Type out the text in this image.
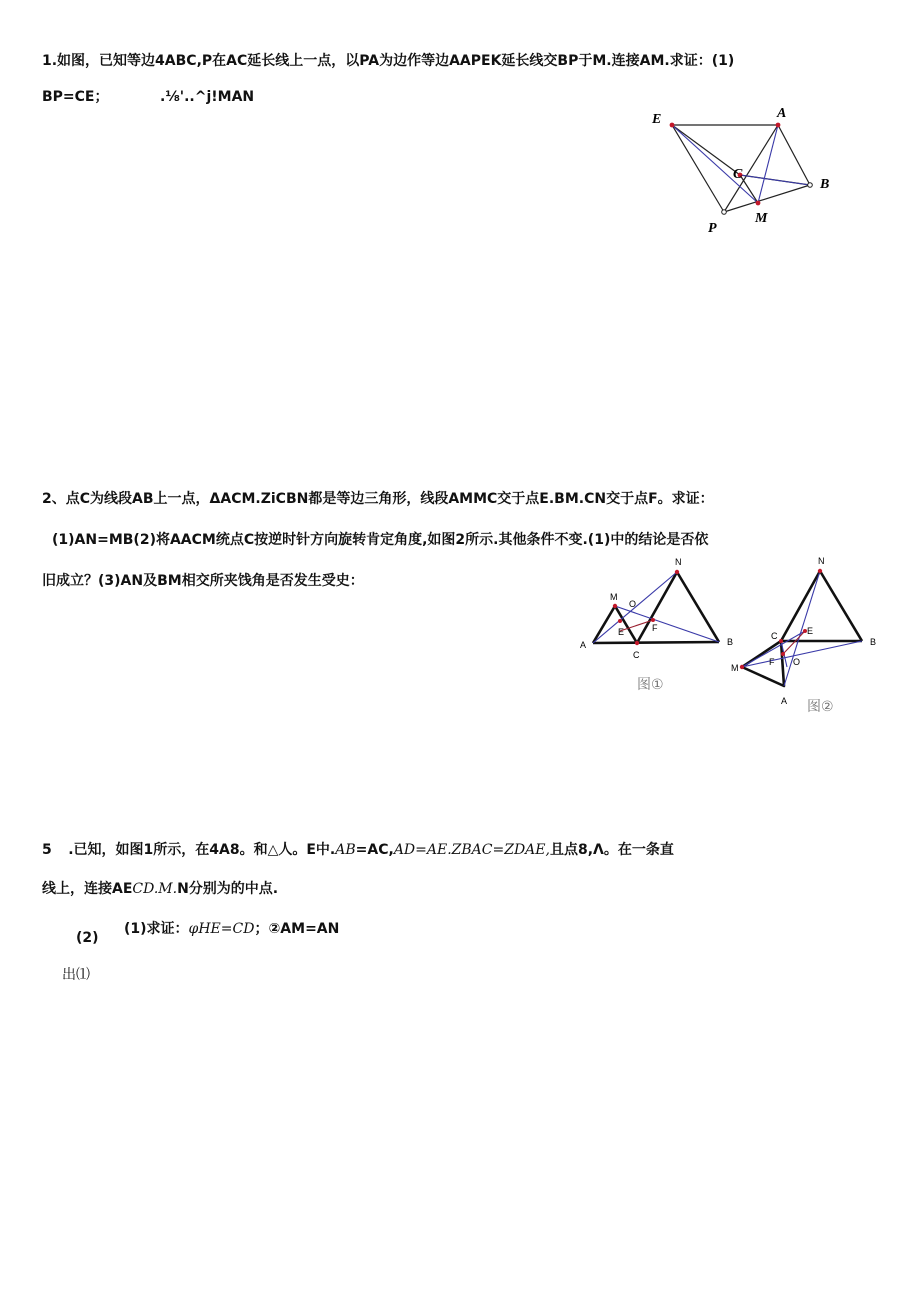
1.如图，已知等边4ABC,P在AC延长线上一点，以PA为边作等边AAPEK延长线交BP于M.连接AM.求证：(1)
BP=CE；	.⅛'..^j!MAN
E	A
C
B
P
M
2、点C为线段AB上一点，ΔACM.ZiCBN都是等边三角形，线段AMMC交于点E.BM.CN交于点F。求证：
(1)AN=MB(2)将AACM统点C按逆时针方向旋转肯定角度,如图2所示.其他条件不变.(1)中的结论是否依
旧成立？(3)AN及BM相交所夹饯角是否发生受史：
M
O
N
E	F
A
C
B
图①
N
C	E
B
M
F O
A 图②
5 .已知，如图1所示，在4A8。和△人。E中.AB=AC,AD=AE.ZBAC=ZDAE,且点8,Λ。在一条直
线上，连接AECD.M.N分别为的中点.
(2)
(1)求证：φHE=CD；②AM=AN
出⑴
